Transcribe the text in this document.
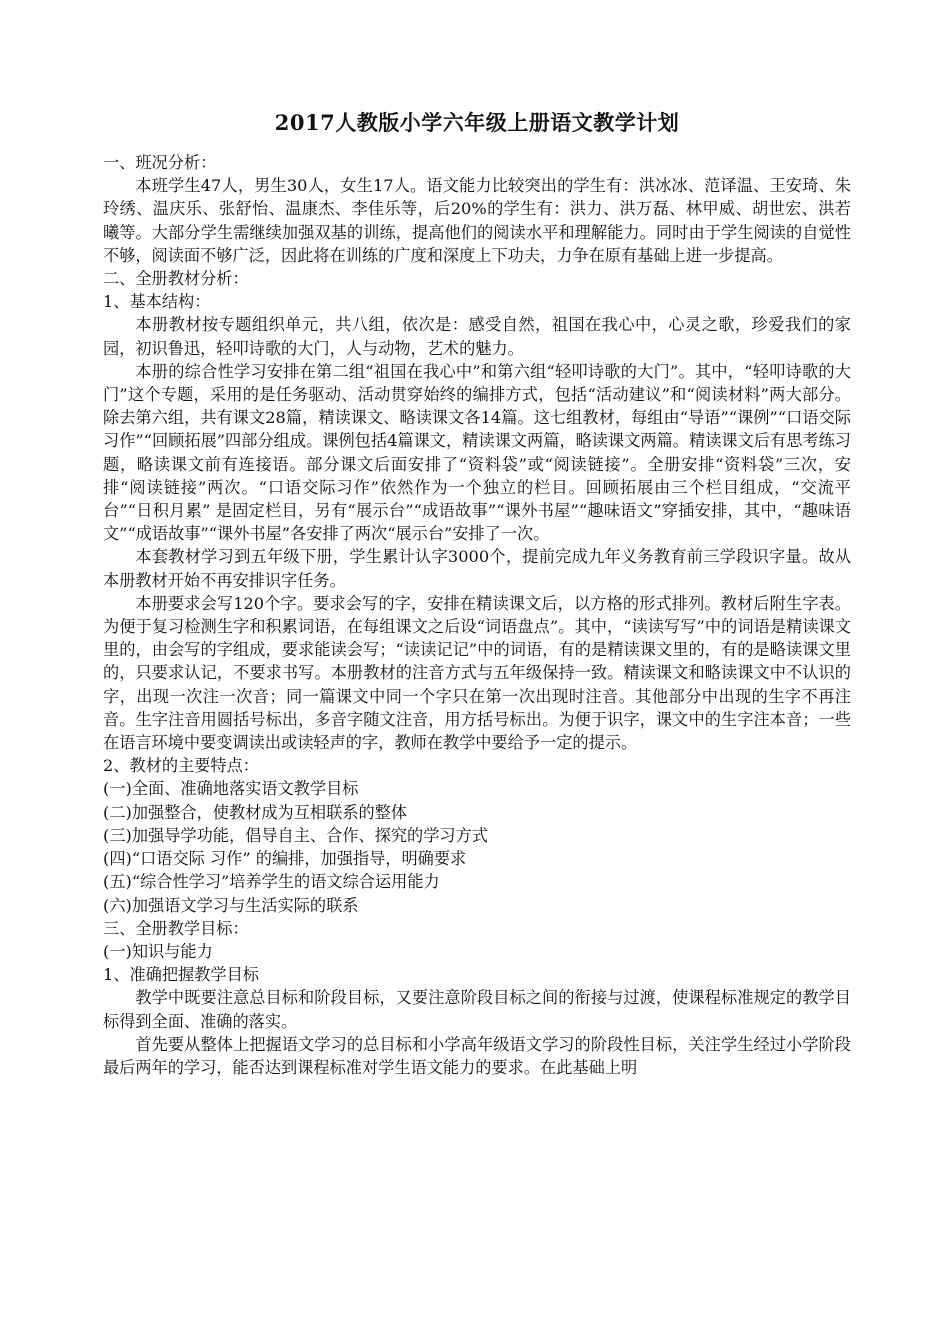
2017人教版小学六年级上册语文教学计划

一、班况分析：

本班学生47人，男生30人，女生17人。语文能力比较突出的学生有：洪冰冰、范译温、王安琦、朱玲绣、温庆乐、张舒怡、温康杰、李佳乐等，后20%的学生有：洪力、洪万磊、林甲威、胡世宏、洪若曦等。大部分学生需继续加强双基的训练，提高他们的阅读水平和理解能力。同时由于学生阅读的自觉性不够，阅读面不够广泛，因此将在训练的广度和深度上下功夫，力争在原有基础上进一步提高。

二、全册教材分析：

1、基本结构：

本册教材按专题组织单元，共八组，依次是：感受自然，祖国在我心中，心灵之歌，珍爱我们的家园，初识鲁迅，轻叩诗歌的大门，人与动物，艺术的魅力。

本册的综合性学习安排在第二组“祖国在我心中”和第六组“轻叩诗歌的大门”。其中，“轻叩诗歌的大门”这个专题，采用的是任务驱动、活动贯穿始终的编排方式，包括“活动建议”和“阅读材料”两大部分。除去第六组，共有课文28篇，精读课文、略读课文各14篇。这七组教材，每组由“导语”“课例”“口语交际习作”“回顾拓展”四部分组成。课例包括4篇课文，精读课文两篇，略读课文两篇。精读课文后有思考练习题，略读课文前有连接语。部分课文后面安排了“资料袋”或“阅读链接”。全册安排“资料袋”三次，安排“阅读链接”两次。“口语交际习作”依然作为一个独立的栏目。回顾拓展由三个栏目组成，“交流平台”“日积月累” 是固定栏目，另有“展示台”“成语故事”“课外书屋”“趣味语文”穿插安排，其中，“趣味语文”“成语故事”“课外书屋”各安排了两次“展示台”安排了一次。

本套教材学习到五年级下册，学生累计认字3000个，提前完成九年义务教育前三学段识字量。故从本册教材开始不再安排识字任务。

本册要求会写120个字。要求会写的字，安排在精读课文后，以方格的形式排列。教材后附生字表。为便于复习检测生字和积累词语，在每组课文之后设“词语盘点”。其中，“读读写写”中的词语是精读课文里的，由会写的字组成，要求能读会写；“读读记记”中的词语，有的是精读课文里的，有的是略读课文里的，只要求认记，不要求书写。本册教材的注音方式与五年级保持一致。精读课文和略读课文中不认识的字，出现一次注一次音；同一篇课文中同一个字只在第一次出现时注音。其他部分中出现的生字不再注音。生字注音用圆括号标出，多音字随文注音，用方括号标出。为便于识字，课文中的生字注本音；一些在语言环境中要变调读出或读轻声的字，教师在教学中要给予一定的提示。

2、教材的主要特点：

(一)全面、准确地落实语文教学目标

(二)加强整合，使教材成为互相联系的整体

(三)加强导学功能，倡导自主、合作、探究的学习方式

(四)“口语交际 习作” 的编排，加强指导，明确要求

(五)“综合性学习”培养学生的语文综合运用能力

(六)加强语文学习与生活实际的联系

三、全册教学目标：

(一)知识与能力

1、准确把握教学目标

教学中既要注意总目标和阶段目标，又要注意阶段目标之间的衔接与过渡，使课程标准规定的教学目标得到全面、准确的落实。

首先要从整体上把握语文学习的总目标和小学高年级语文学习的阶段性目标，关注学生经过小学阶段最后两年的学习，能否达到课程标准对学生语文能力的要求。在此基础上明
